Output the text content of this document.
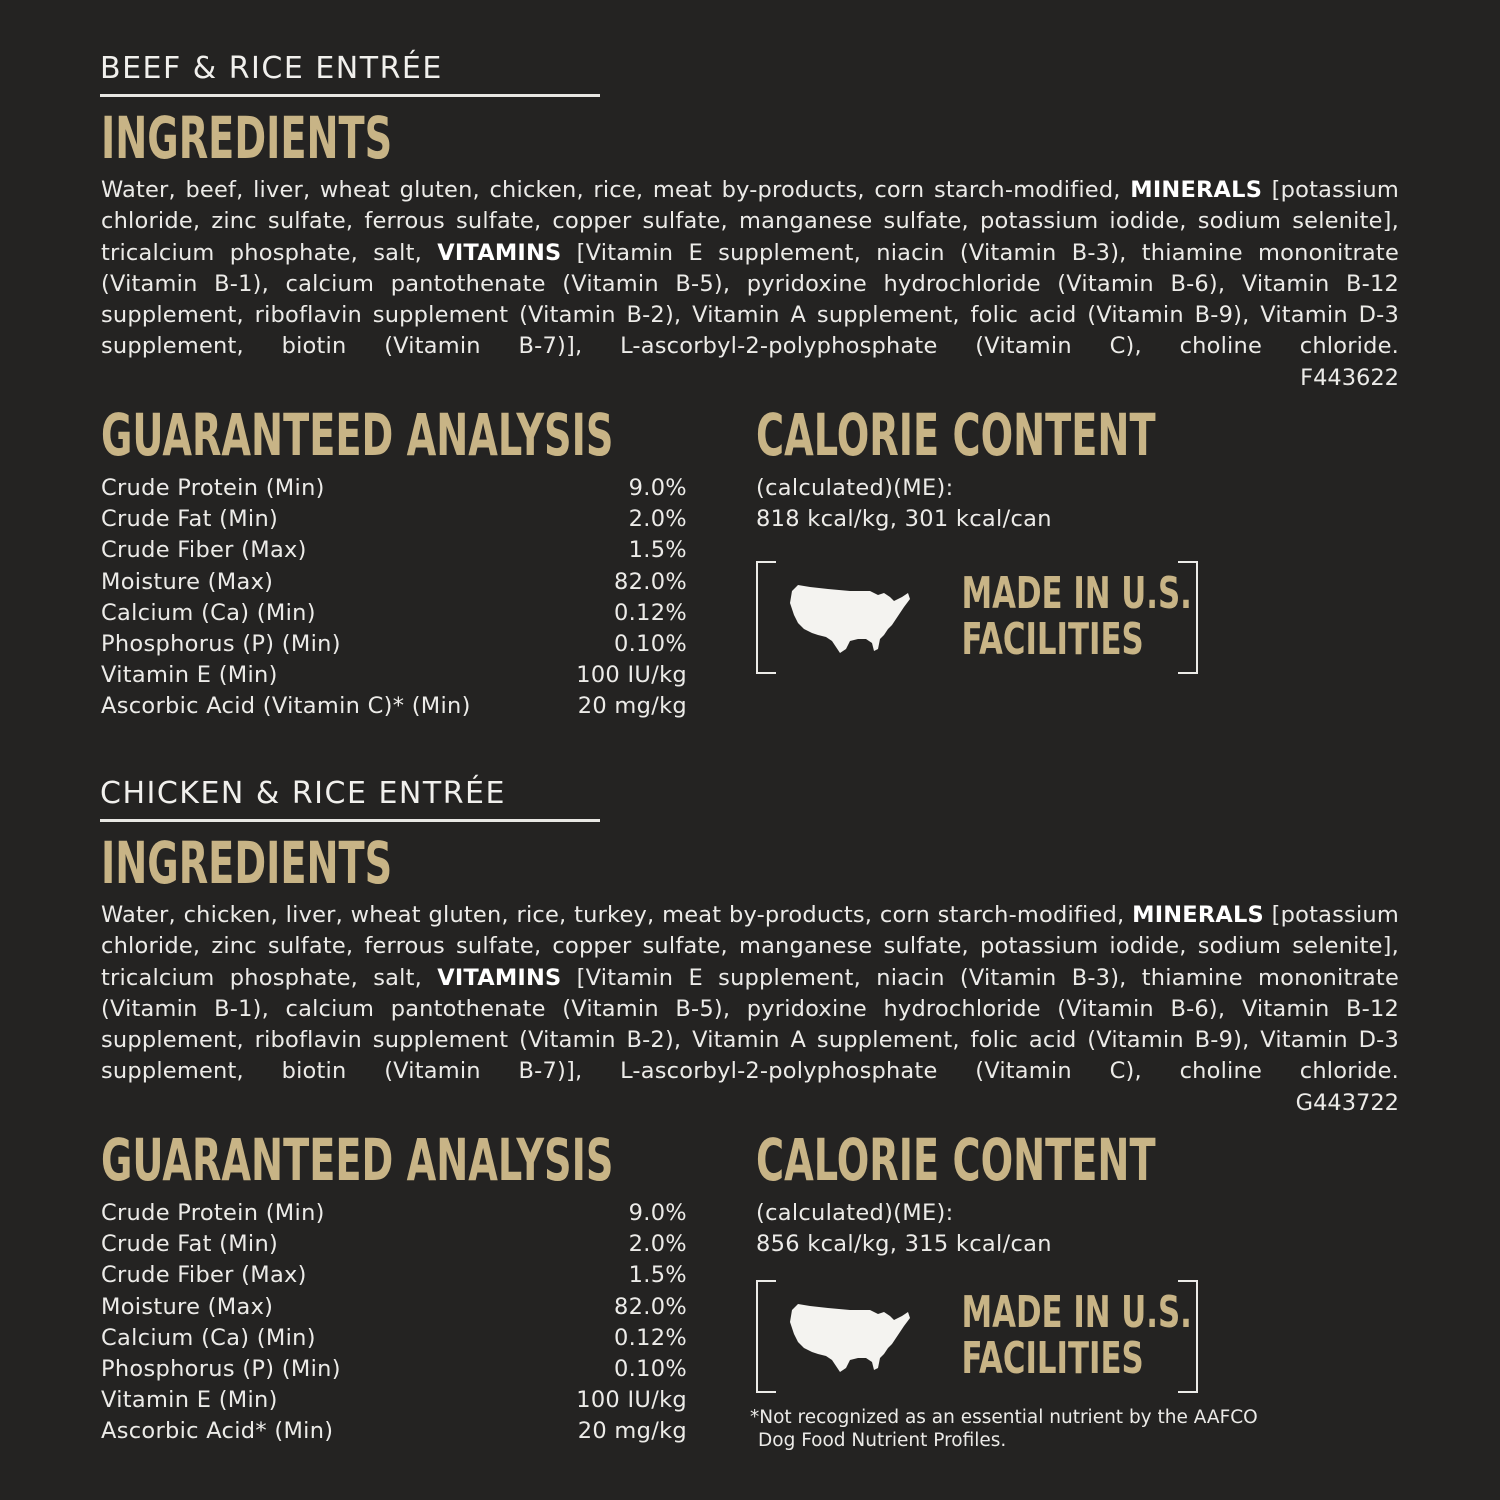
BEEF & RICE ENTRÉE
INGREDIENTS
Water, beef, liver, wheat gluten, chicken, rice, meat by-products, corn starch-modified, MINERALS [potassium chloride, zinc sulfate, ferrous sulfate, copper sulfate, manganese sulfate, potassium iodide, sodium selenite], tricalcium phosphate, salt, VITAMINS [Vitamin E supplement, niacin (Vitamin B-3), thiamine mononitrate (Vitamin B-1), calcium pantothenate (Vitamin B-5), pyridoxine hydrochloride (Vitamin B-6), Vitamin B-12 supplement, riboflavin supplement (Vitamin B-2), Vitamin A supplement, folic acid (Vitamin B-9), Vitamin D-3 supplement, biotin (Vitamin B-7)], L-ascorbyl-2-polyphosphate (Vitamin C), choline chloride.
F443622
GUARANTEED ANALYSIS
Crude Protein (Min)	9.0%
Crude Fat (Min)	2.0%
Crude Fiber (Max)	1.5%
Moisture (Max)	82.0%
Calcium (Ca) (Min)	0.12%
Phosphorus (P) (Min)	0.10%
Vitamin E (Min)	100 IU/kg
Ascorbic Acid (Vitamin C)* (Min)	20 mg/kg
CALORIE CONTENT
(calculated)(ME):
818 kcal/kg, 301 kcal/can
MADE IN U.S.
FACILITIES
CHICKEN & RICE ENTRÉE
INGREDIENTS
Water, chicken, liver, wheat gluten, rice, turkey, meat by-products, corn starch-modified, MINERALS [potassium chloride, zinc sulfate, ferrous sulfate, copper sulfate, manganese sulfate, potassium iodide, sodium selenite], tricalcium phosphate, salt, VITAMINS [Vitamin E supplement, niacin (Vitamin B-3), thiamine mononitrate (Vitamin B-1), calcium pantothenate (Vitamin B-5), pyridoxine hydrochloride (Vitamin B-6), Vitamin B-12 supplement, riboflavin supplement (Vitamin B-2), Vitamin A supplement, folic acid (Vitamin B-9), Vitamin D-3 supplement, biotin (Vitamin B-7)], L-ascorbyl-2-polyphosphate (Vitamin C), choline chloride.
G443722
GUARANTEED ANALYSIS
Crude Protein (Min)	9.0%
Crude Fat (Min)	2.0%
Crude Fiber (Max)	1.5%
Moisture (Max)	82.0%
Calcium (Ca) (Min)	0.12%
Phosphorus (P) (Min)	0.10%
Vitamin E (Min)	100 IU/kg
Ascorbic Acid* (Min)	20 mg/kg
CALORIE CONTENT
(calculated)(ME):
856 kcal/kg, 315 kcal/can
MADE IN U.S.
FACILITIES
*Not recognized as an essential nutrient by the AAFCO
Dog Food Nutrient Profiles.
